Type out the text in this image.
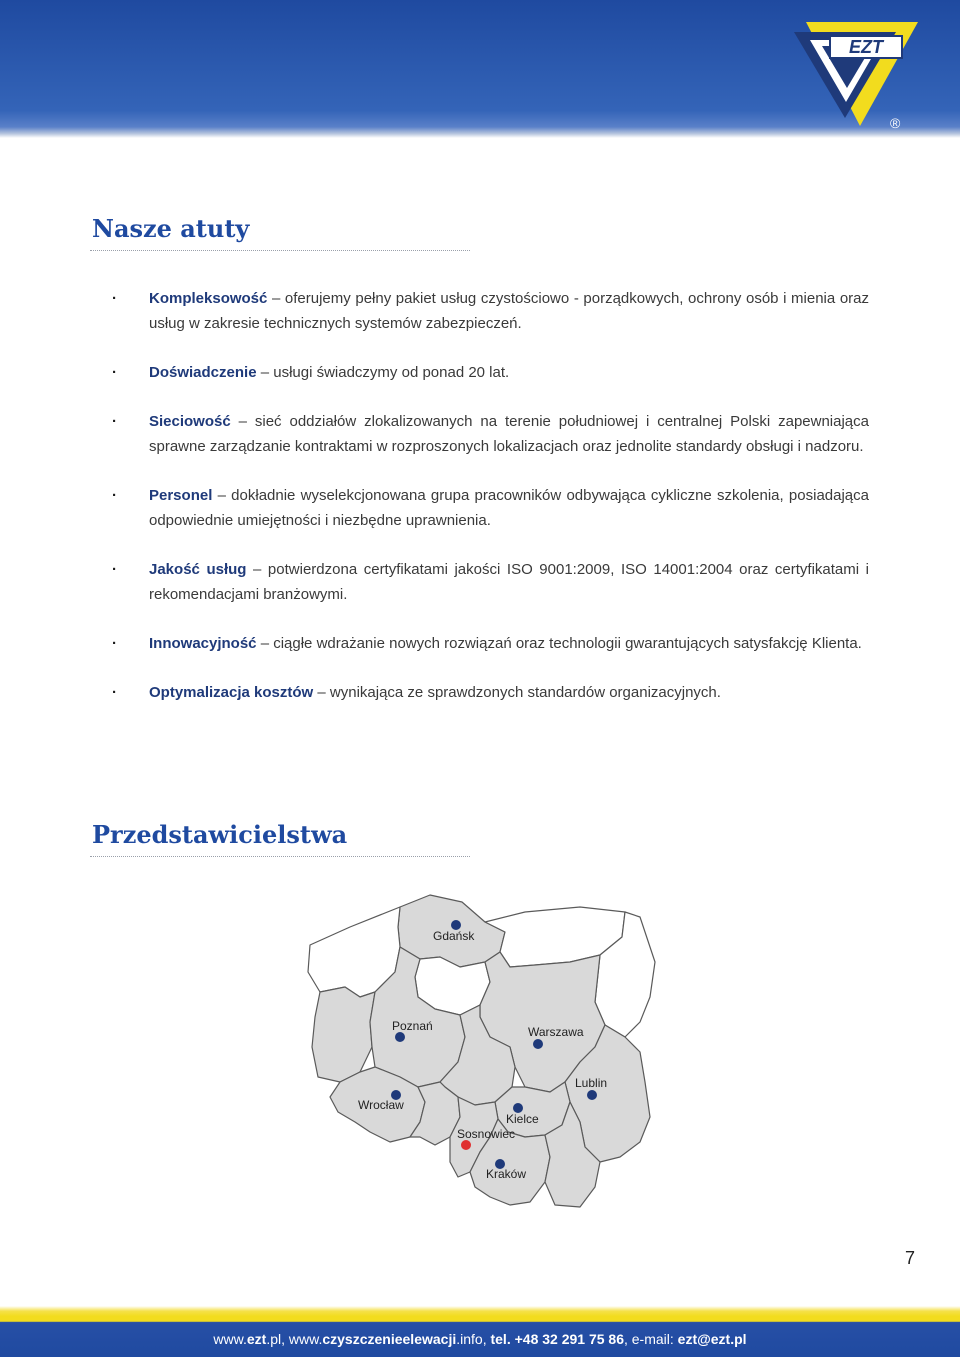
EZT
®
Nasze atuty
· Kompleksowość – oferujemy pełny pakiet usług czystościowo - porządkowych, ochrony osób i mienia oraz usług w zakresie technicznych systemów zabezpieczeń.
· Doświadczenie – usługi świadczymy od ponad 20 lat.
· Sieciowość – sieć oddziałów zlokalizowanych na terenie południowej i centralnej Polski zapewniająca sprawne zarządzanie kontraktami w rozproszonych lokalizacjach oraz jednolite standardy obsługi i nadzoru.
· Personel – dokładnie wyselekcjonowana grupa pracowników odbywająca cykliczne szkolenia, posiadająca odpowiednie umiejętności i niezbędne uprawnienia.
· Jakość usług – potwierdzona certyfikatami jakości ISO 9001:2009, ISO 14001:2004 oraz certyfikatami i rekomendacjami branżowymi.
· Innowacyjność – ciągłe wdrażanie nowych rozwiązań oraz technologii gwarantujących satysfakcję Klienta.
· Optymalizacja kosztów – wynikająca ze sprawdzonych standardów organizacyjnych.
Przedstawicielstwa
Gdańsk
Poznań	Warszawa
Lublin
Wrocław
Kielce
Sosnowiec
Kraków
7
www.ezt.pl, www.czyszczenieelewacji.info, tel. +48 32 291 75 86, e-mail: ezt@ezt.pl
